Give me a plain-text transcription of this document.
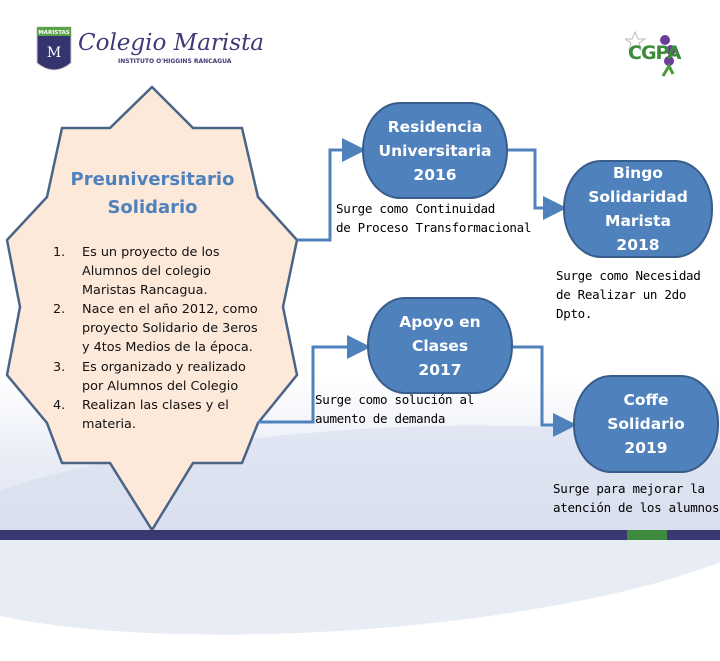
MARISTAS
M Colegio Marista
INSTITUTO O'HIGGINS RANCAGUA	CGPA
Preuniversitario
Solidario
1. Es un proyecto de los Alumnos del colegio Maristas Rancagua.
2. Nace en el año 2012, como proyecto Solidario de 3eros y 4tos Medios de la época.
3. Es organizado y realizado por Alumnos del Colegio
4. Realizan las clases y el materia.
Residencia
Universitaria
2016
Surge como Continuidad
de Proceso Transformacional
Bingo
Solidaridad
Marista
2018
Surge como Necesidad
de Realizar un 2do Dpto.
Apoyo en
Clases
2017
Surge como solución al
aumento de demanda
Coffe
Solidario
2019
Surge para mejorar la
atención de los alumnos
